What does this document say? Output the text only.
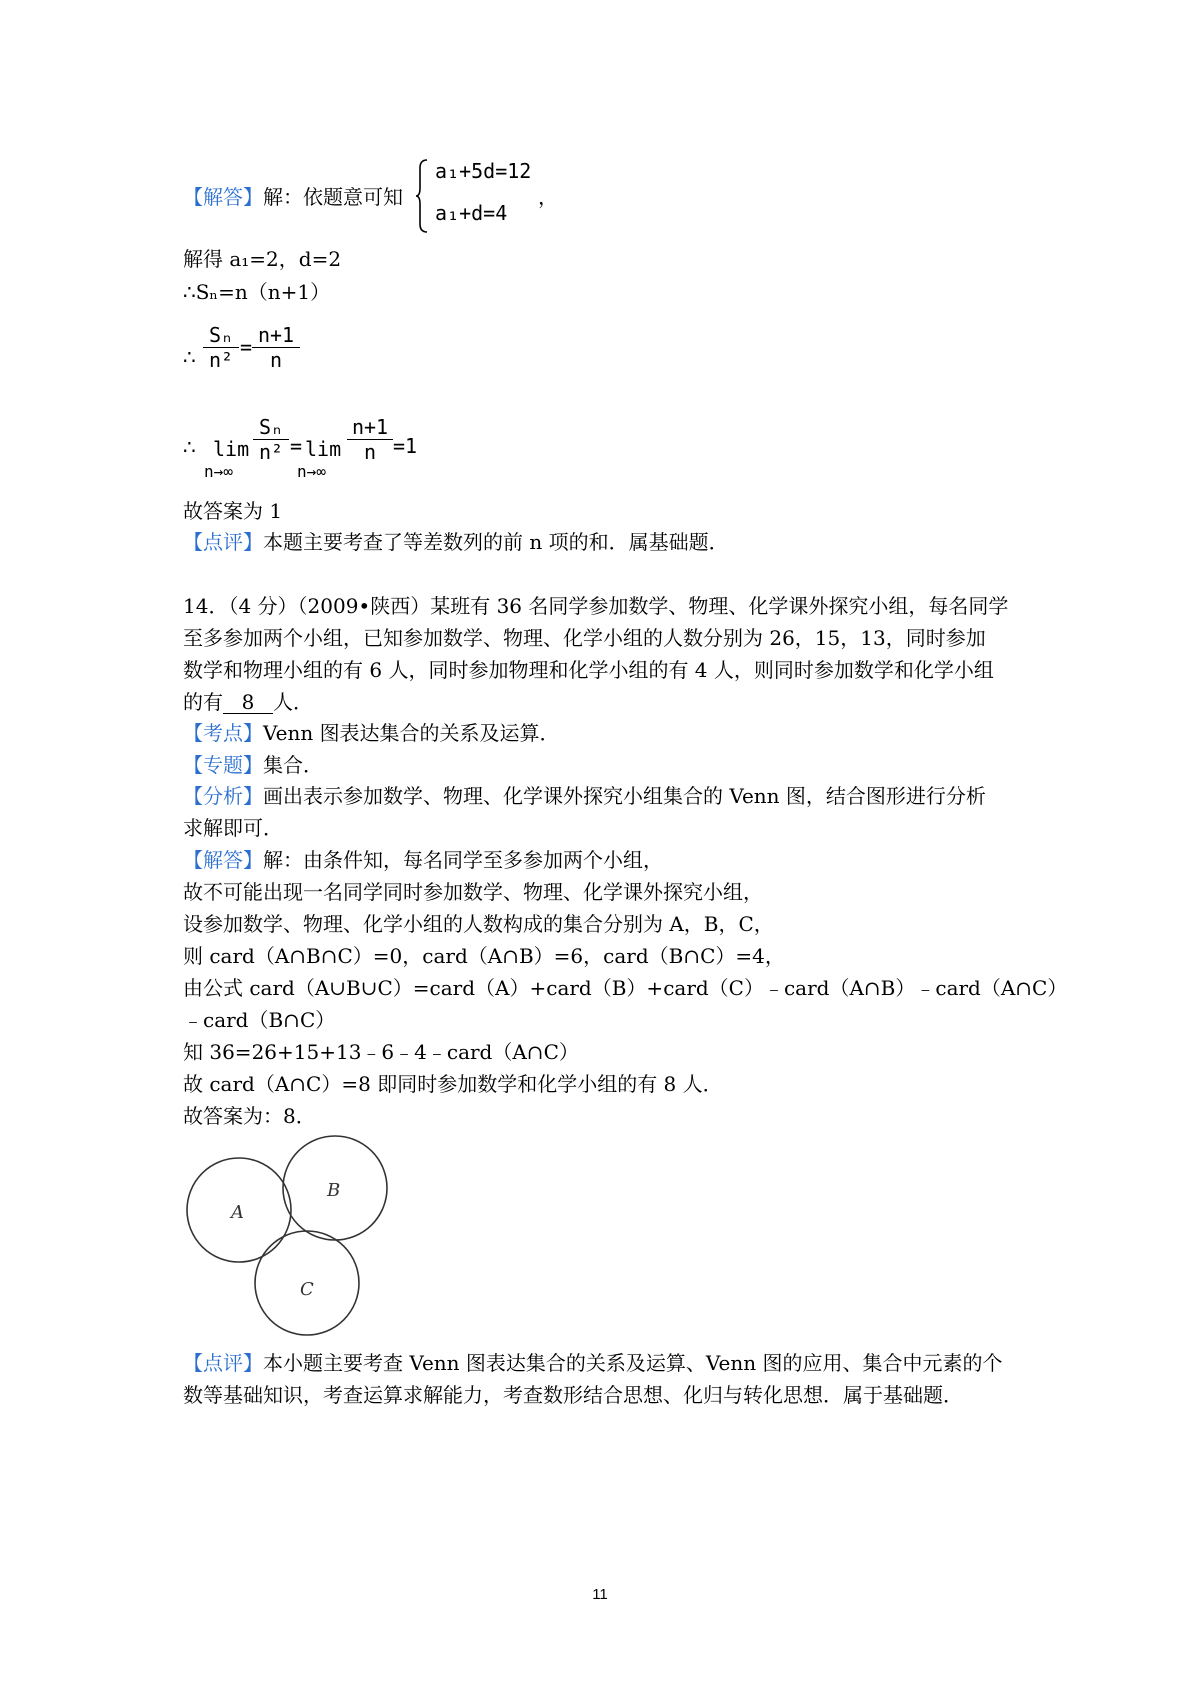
【解答】解：依题意可知
a₁+5d=12
a₁+d=4
，
解得 a₁=2，d=2
∴Sₙ=n（n+1）
∴
Sₙ
n²
= n+1
n
∴ lim
n→∞
Sₙ
n² = lim
n→∞
n+1
n =1
故答案为 1
【点评】本题主要考查了等差数列的前 n 项的和．属基础题．
14．（4 分）（2009•陕西）某班有 36 名同学参加数学、物理、化学课外探究小组，每名同学
至多参加两个小组，已知参加数学、物理、化学小组的人数分别为 26，15，13，同时参加
数学和物理小组的有 6 人，同时参加物理和化学小组的有 4 人，则同时参加数学和化学小组
的有 8 人．
【考点】Venn 图表达集合的关系及运算．
【专题】集合．
【分析】画出表示参加数学、物理、化学课外探究小组集合的 Venn 图，结合图形进行分析
求解即可．
【解答】解：由条件知，每名同学至多参加两个小组，
故不可能出现一名同学同时参加数学、物理、化学课外探究小组，
设参加数学、物理、化学小组的人数构成的集合分别为 A，B，C，
则 card（A∩B∩C）=0，card（A∩B）=6，card（B∩C）=4，
由公式 card（A∪B∪C）=card（A）+card（B）+card（C）﹣card（A∩B）﹣card（A∩C）
﹣card（B∩C）
知 36=26+15+13﹣6﹣4﹣card（A∩C）
故 card（A∩C）=8 即同时参加数学和化学小组的有 8 人．
故答案为：8．
A
B
C
【点评】本小题主要考查 Venn 图表达集合的关系及运算、Venn 图的应用、集合中元素的个
数等基础知识，考查运算求解能力，考查数形结合思想、化归与转化思想．属于基础题．
11
